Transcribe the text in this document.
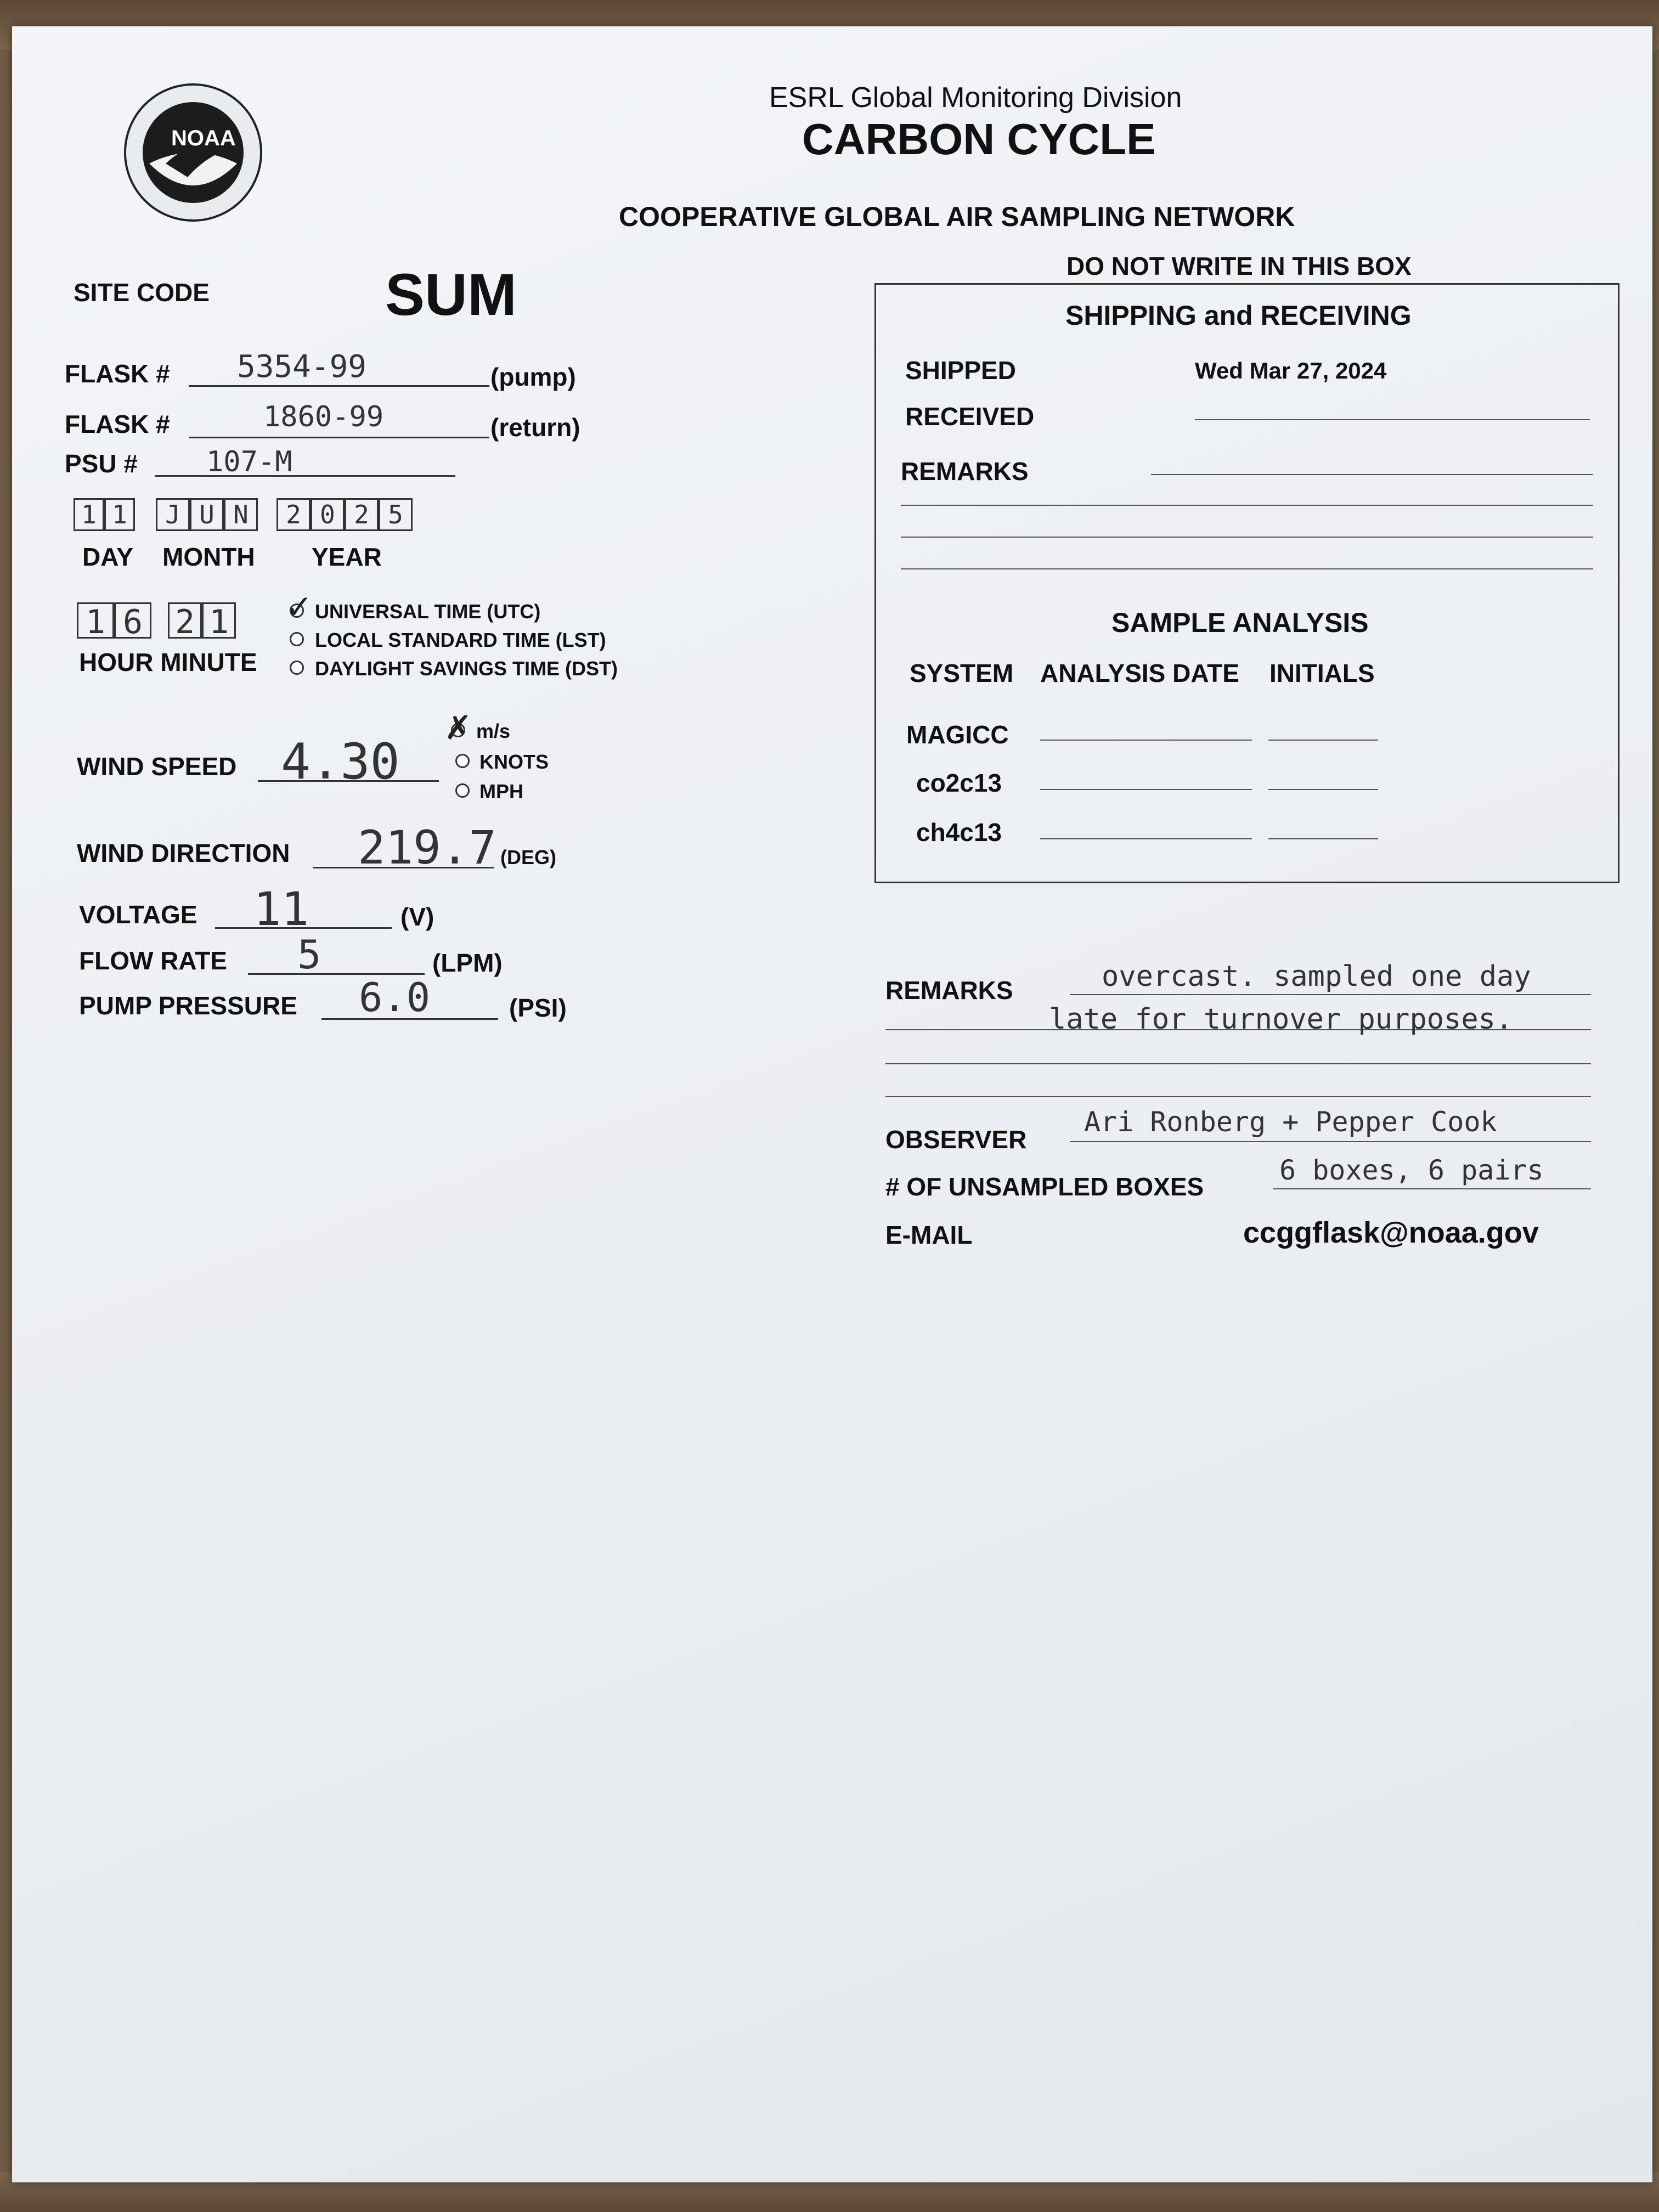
NOAA
ESRL Global Monitoring Division
CARBON CYCLE
COOPERATIVE GLOBAL AIR SAMPLING NETWORK
SITE CODE	SUM
FLASK # 5354-99	(pump)
FLASK #	1860-99	(return)
PSU # 107-M
1 1	J U N	2 0 2 5
DAY MONTH YEAR
1 6 2 1
HOUR MINUTE
✓ UNIVERSAL TIME (UTC)
LOCAL STANDARD TIME (LST)
DAYLIGHT SAVINGS TIME (DST)
WIND SPEED 4.30
✗ m/s
KNOTS
MPH
WIND DIRECTION 219.7 (DEG)
VOLTAGE 11	(V)
FLOW RATE 5	(LPM)
PUMP PRESSURE 6.0	(PSI)
DO NOT WRITE IN THIS BOX
SHIPPING and RECEIVING
SHIPPED	Wed Mar 27, 2024
RECEIVED
REMARKS
SAMPLE ANALYSIS
SYSTEM ANALYSIS DATE INITIALS
MAGICC
co2c13
ch4c13
REMARKS	overcast. sampled one day
late for turnover purposes.
OBSERVER
Ari Ronberg + Pepper Cook
# OF UNSAMPLED BOXES
6 boxes, 6 pairs
E-MAIL	ccggflask@noaa.gov
